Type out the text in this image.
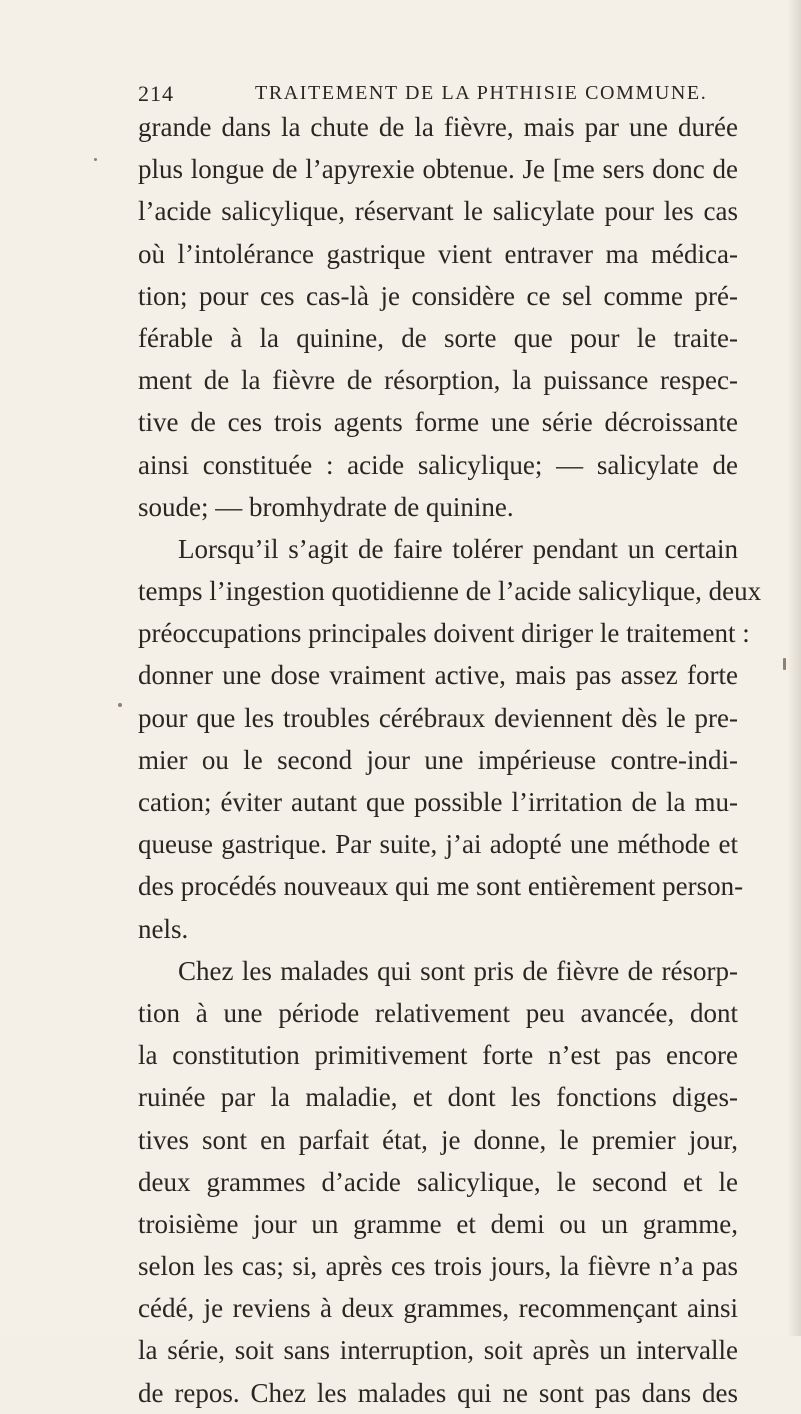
214	TRAITEMENT DE LA PHTHISIE COMMUNE.
grande dans la chute de la fièvre, mais par une durée
plus longue de l’apyrexie obtenue. Je [me sers donc de
l’acide salicylique, réservant le salicylate pour les cas
où l’intolérance gastrique vient entraver ma médica-
tion; pour ces cas-là je considère ce sel comme pré-
férable à la quinine, de sorte que pour le traite-
ment de la fièvre de résorption, la puissance respec-
tive de ces trois agents forme une série décroissante
ainsi constituée : acide salicylique; — salicylate de
soude; — bromhydrate de quinine.
Lorsqu’il s’agit de faire tolérer pendant un certain
temps l’ingestion quotidienne de l’acide salicylique, deux
préoccupations principales doivent diriger le traitement :
donner une dose vraiment active, mais pas assez forte
pour que les troubles cérébraux deviennent dès le pre-
mier ou le second jour une impérieuse contre-indi-
cation; éviter autant que possible l’irritation de la mu-
queuse gastrique. Par suite, j’ai adopté une méthode et
des procédés nouveaux qui me sont entièrement person-
nels.
Chez les malades qui sont pris de fièvre de résorp-
tion à une période relativement peu avancée, dont
la constitution primitivement forte n’est pas encore
ruinée par la maladie, et dont les fonctions diges-
tives sont en parfait état, je donne, le premier jour,
deux grammes d’acide salicylique, le second et le
troisième jour un gramme et demi ou un gramme,
selon les cas; si, après ces trois jours, la fièvre n’a pas
cédé, je reviens à deux grammes, recommençant ainsi
la série, soit sans interruption, soit après un intervalle
de repos. Chez les malades qui ne sont pas dans des
